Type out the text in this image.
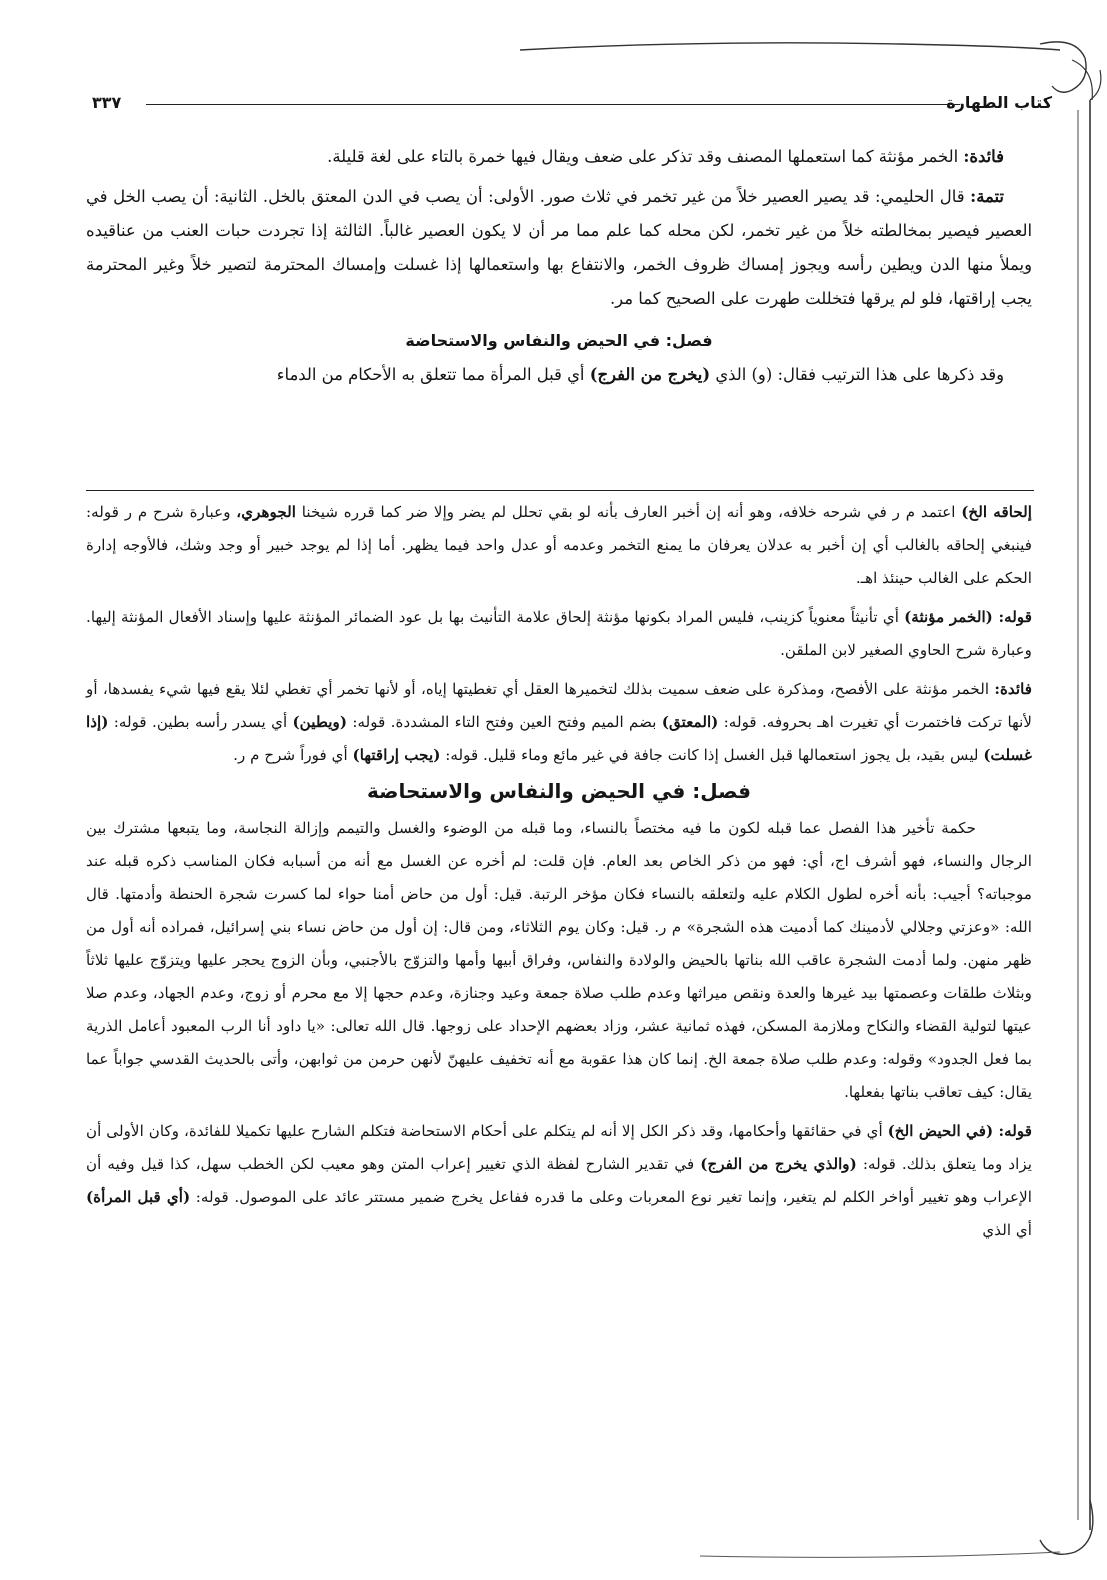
كتاب الطهارة
٣٣٧

فائدة: الخمر مؤنثة كما استعملها المصنف وقد تذكر على ضعف ويقال فيها خمرة بالتاء على لغة قليلة.

تتمة: قال الحليمي: قد يصير العصير خلاً من غير تخمر في ثلاث صور. الأولى: أن يصب في الدن المعتق بالخل. الثانية: أن يصب الخل في العصير فيصير بمخالطته خلاً من غير تخمر، لكن محله كما علم مما مر أن لا يكون العصير غالباً. الثالثة إذا تجردت حبات العنب من عناقيده ويملأ منها الدن ويطين رأسه ويجوز إمساك ظروف الخمر، والانتفاع بها واستعمالها إذا غسلت وإمساك المحترمة لتصير خلاً وغير المحترمة يجب إراقتها، فلو لم يرقها فتخللت طهرت على الصحيح كما مر.

فصل: في الحيض والنفاس والاستحاضة

وقد ذكرها على هذا الترتيب فقال: (و) الذي (يخرج من الفرج) أي قبل المرأة مما تتعلق به الأحكام من الدماء

إلحاقه الخ) اعتمد م ر في شرحه خلافه، وهو أنه إن أخبر العارف بأنه لو بقي تحلل لم يضر وإلا ضر كما قرره شيخنا الجوهري، وعبارة شرح م ر قوله: فينبغي إلحاقه بالغالب أي إن أخبر به عدلان يعرفان ما يمنع التخمر وعدمه أو عدل واحد فيما يظهر. أما إذا لم يوجد خبير أو وجد وشك، فالأوجه إدارة الحكم على الغالب حينئذ اهـ.

قوله: (الخمر مؤنثة) أي تأنيثاً معنوياً كزينب، فليس المراد بكونها مؤنثة إلحاق علامة التأنيث بها بل عود الضمائر المؤنثة عليها وإسناد الأفعال المؤنثة إليها. وعبارة شرح الحاوي الصغير لابن الملقن.

فائدة: الخمر مؤنثة على الأفصح، ومذكرة على ضعف سميت بذلك لتخميرها العقل أي تغطيتها إياه، أو لأنها تخمر أي تغطي لئلا يقع فيها شيء يفسدها، أو لأنها تركت فاختمرت أي تغيرت اهـ بحروفه. قوله: (المعتق) بضم الميم وفتح العين وفتح التاء المشددة. قوله: (ويطين) أي يسدر رأسه بطين. قوله: (إذا غسلت) ليس بقيد، بل يجوز استعمالها قبل الغسل إذا كانت جافة في غير مائع وماء قليل. قوله: (يجب إراقتها) أي فوراً شرح م ر.

فصل: في الحيض والنفاس والاستحاضة

حكمة تأخير هذا الفصل عما قبله لكون ما فيه مختصاً بالنساء، وما قبله من الوضوء والغسل والتيمم وإزالة النجاسة، وما يتبعها مشترك بين الرجال والنساء، فهو أشرف اج، أي: فهو من ذكر الخاص بعد العام. فإن قلت: لم أخره عن الغسل مع أنه من أسبابه فكان المناسب ذكره قبله عند موجباته؟ أجيب: بأنه أخره لطول الكلام عليه ولتعلقه بالنساء فكان مؤخر الرتبة. قيل: أول من حاض أمنا حواء لما كسرت شجرة الحنطة وأدمتها. قال الله: «وعزتي وجلالي لأدمينك كما أدميت هذه الشجرة» م ر. قيل: وكان يوم الثلاثاء، ومن قال: إن أول من حاض نساء بني إسرائيل، فمراده أنه أول من ظهر منهن. ولما أدمت الشجرة عاقب الله بناتها بالحيض والولادة والنفاس، وفراق أبيها وأمها والتزوّج بالأجنبي، وبأن الزوج يحجر عليها ويتزوّج عليها ثلاثاً وبثلاث طلقات وعصمتها بيد غيرها والعدة ونقص ميراثها وعدم طلب صلاة جمعة وعيد وجنازة، وعدم حجها إلا مع محرم أو زوج، وعدم الجهاد، وعدم صلا عيتها لتولية القضاء والنكاح وملازمة المسكن، فهذه ثمانية عشر، وزاد بعضهم الإحداد على زوجها. قال الله تعالى: «يا داود أنا الرب المعبود أعامل الذرية بما فعل الجدود» وقوله: وعدم طلب صلاة جمعة الخ. إنما كان هذا عقوبة مع أنه تخفيف عليهنّ لأنهن حرمن من ثوابهن، وأتى بالحديث القدسي جواباً عما يقال: كيف تعاقب بناتها بفعلها.

قوله: (في الحيض الخ) أي في حقائقها وأحكامها، وقد ذكر الكل إلا أنه لم يتكلم على أحكام الاستحاضة فتكلم الشارح عليها تكميلا للفائدة، وكان الأولى أن يزاد وما يتعلق بذلك. قوله: (والذي يخرج من الفرج) في تقدير الشارح لفظة الذي تغيير إعراب المتن وهو معيب لكن الخطب سهل، كذا قيل وفيه أن الإعراب وهو تغيير أواخر الكلم لم يتغير، وإنما تغير نوع المعربات وعلى ما قدره ففاعل يخرج ضمير مستتر عائد على الموصول. قوله: (أي قبل المرأة) أي الذي
